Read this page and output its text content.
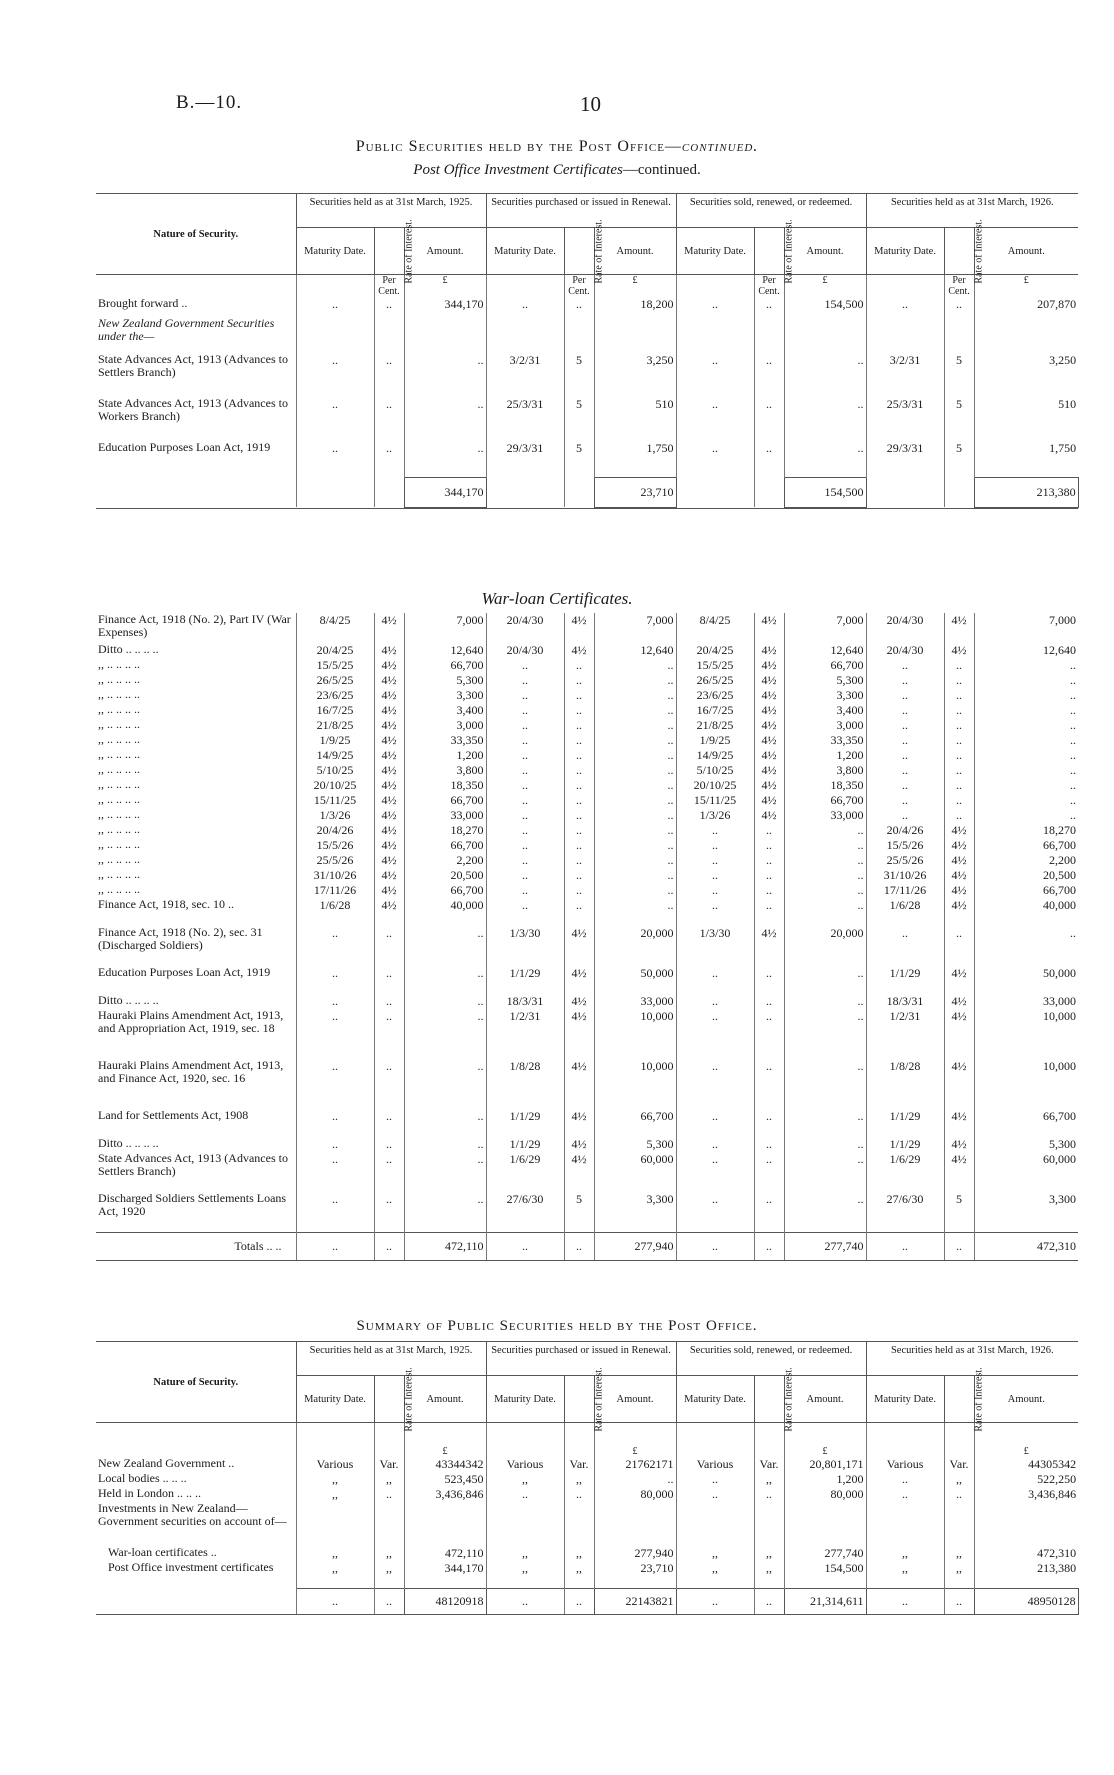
B.—10.	10
Public Securities held by the Post Office—continued.
Post Office Investment Certificates—continued.
Nature of Security.	Securities held as at 31st March, 1925.			Securities purchased or issued in Renewal.			Securities sold, renewed, or redeemed.			Securities held as at 31st March, 1926.		
	Maturity Date.	Rate of Interest.	Amount.	Maturity Date.	Rate of Interest.	Amount.	Maturity Date.	Rate of Interest.	Amount.	Maturity Date.	Rate of Interest.	Amount.
		Per Cent.	£		Per Cent.	£		Per Cent.	£		Per Cent.	£
Brought forward ..	..	..	344,170	..	..	18,200	..	..	154,500	..	..	207,870
New Zealand Government Securities under the—												
State Advances Act, 1913 (Advances to Settlers Branch)	..	..	..	3/2/31	5	3,250	..	..	..	3/2/31	5	3,250
State Advances Act, 1913 (Advances to Workers Branch)	..	..	..	25/3/31	5	510	..	..	..	25/3/31	5	510
Education Purposes Loan Act, 1919	..	..	..	29/3/31	5	1,750	..	..	..	29/3/31	5	1,750
			344,170			23,710			154,500			213,380

War-loan Certificates.
Finance Act, 1918 (No. 2), Part IV (War Expenses)	8/4/25	4½	7,000	20/4/30	4½	7,000	8/4/25	4½	7,000	20/4/30	4½	7,000
Ditto .. .. .. ..	20/4/25	4½	12,640	20/4/30	4½	12,640	20/4/25	4½	12,640	20/4/30	4½	12,640
,, .. .. .. ..	15/5/25	4½	66,700	..	..	..	15/5/25	4½	66,700	..	..	..
,, .. .. .. ..	26/5/25	4½	5,300	..	..	..	26/5/25	4½	5,300	..	..	..
,, .. .. .. ..	23/6/25	4½	3,300	..	..	..	23/6/25	4½	3,300	..	..	..
,, .. .. .. ..	16/7/25	4½	3,400	..	..	..	16/7/25	4½	3,400	..	..	..
,, .. .. .. ..	21/8/25	4½	3,000	..	..	..	21/8/25	4½	3,000	..	..	..
,, .. .. .. ..	1/9/25	4½	33,350	..	..	..	1/9/25	4½	33,350	..	..	..
,, .. .. .. ..	14/9/25	4½	1,200	..	..	..	14/9/25	4½	1,200	..	..	..
,, .. .. .. ..	5/10/25	4½	3,800	..	..	..	5/10/25	4½	3,800	..	..	..
,, .. .. .. ..	20/10/25	4½	18,350	..	..	..	20/10/25	4½	18,350	..	..	..
,, .. .. .. ..	15/11/25	4½	66,700	..	..	..	15/11/25	4½	66,700	..	..	..
,, .. .. .. ..	1/3/26	4½	33,000	..	..	..	1/3/26	4½	33,000	..	..	..
,, .. .. .. ..	20/4/26	4½	18,270	..	..	..	..	..	..	20/4/26	4½	18,270
,, .. .. .. ..	15/5/26	4½	66,700	..	..	..	..	..	..	15/5/26	4½	66,700
,, .. .. .. ..	25/5/26	4½	2,200	..	..	..	..	..	..	25/5/26	4½	2,200
,, .. .. .. ..	31/10/26	4½	20,500	..	..	..	..	..	..	31/10/26	4½	20,500
,, .. .. .. ..	17/11/26	4½	66,700	..	..	..	..	..	..	17/11/26	4½	66,700
Finance Act, 1918, sec. 10 ..	1/6/28	4½	40,000	..	..	..	..	..	..	1/6/28	4½	40,000
Finance Act, 1918 (No. 2), sec. 31 (Discharged Soldiers)	..	..	..	1/3/30	4½	20,000	1/3/30	4½	20,000	..	..	..
Education Purposes Loan Act, 1919	..	..	..	1/1/29	4½	50,000	..	..	..	1/1/29	4½	50,000
Ditto .. .. .. ..	..	..	..	18/3/31	4½	33,000	..	..	..	18/3/31	4½	33,000
Hauraki Plains Amendment Act, 1913, and Appropriation Act, 1919, sec. 18	..	..	..	1/2/31	4½	10,000	..	..	..	1/2/31	4½	10,000
Hauraki Plains Amendment Act, 1913, and Finance Act, 1920, sec. 16	..	..	..	1/8/28	4½	10,000	..	..	..	1/8/28	4½	10,000
Land for Settlements Act, 1908	..	..	..	1/1/29	4½	66,700	..	..	..	1/1/29	4½	66,700
Ditto .. .. .. ..	..	..	..	1/1/29	4½	5,300	..	..	..	1/1/29	4½	5,300
State Advances Act, 1913 (Advances to Settlers Branch)	..	..	..	1/6/29	4½	60,000	..	..	..	1/6/29	4½	60,000
Discharged Soldiers Settlements Loans Act, 1920	..	..	..	27/6/30	5	3,300	..	..	..	27/6/30	5	3,300
Totals .. ..	..	..	472,110	..	..	277,940	..	..	277,740	..	..	472,310
Summary of Public Securities held by the Post Office.
Nature of Security.	Securities held as at 31st March, 1925.			Securities purchased or issued in Renewal.			Securities sold, renewed, or redeemed.			Securities held as at 31st March, 1926.		
	Maturity Date.	Rate of Interest.	Amount.	Maturity Date.	Rate of Interest.	Amount.	Maturity Date.	Rate of Interest.	Amount.	Maturity Date.	Rate of Interest.	Amount.
			£			£			£			£
New Zealand Government ..	Various	Var.	43344342	Various	Var.	21762171	Various	Var.	20,801,171	Various	Var.	44305342
Local bodies .. .. ..	,,	,,	523,450	,,	,,	..	..	,,	1,200	..	,,	522,250
Held in London .. .. ..	,,	..	3,436,846	..	..	80,000	..	..	80,000	..	..	3,436,846
Investments in New Zealand— Government securities on account of—												
War-loan certificates ..	,,	,,	472,110	,,	,,	277,940	,,	,,	277,740	,,	,,	472,310
Post Office investment certificates	,,	,,	344,170	,,	,,	23,710	,,	,,	154,500	,,	,,	213,380
	..	..	48120918	..	..	22143821	..	..	21,314,611	..	..	48950128
